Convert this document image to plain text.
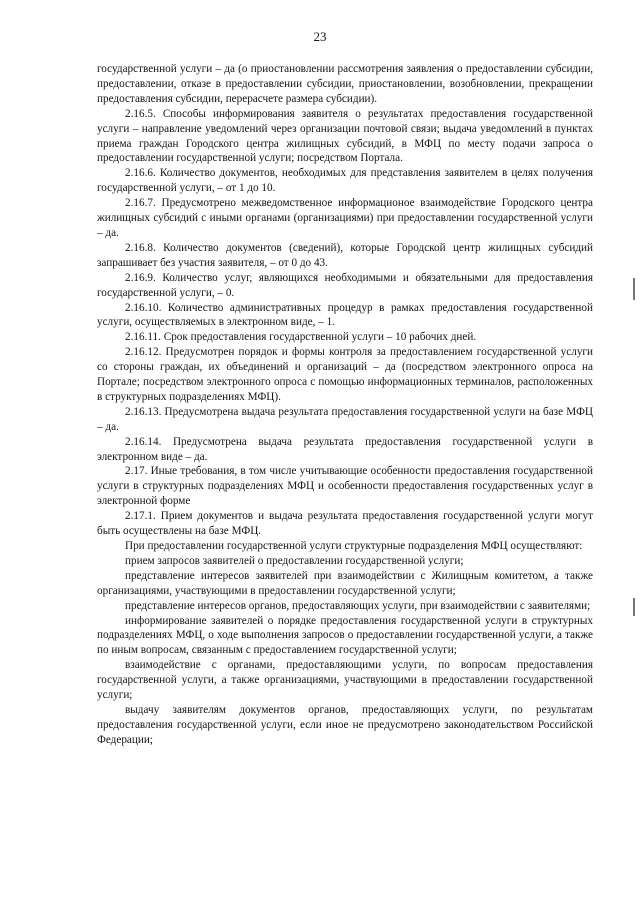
23

государственной услуги – да (о приостановлении рассмотрения заявления о предоставлении субсидии, предоставлении, отказе в предоставлении субсидии, приостановлении, возобновлении, прекращении предоставления субсидии, перерасчете размера субсидии).

2.16.5. Способы информирования заявителя о результатах предоставления государственной услуги – направление уведомлений через организации почтовой связи; выдача уведомлений в пунктах приема граждан Городского центра жилищных субсидий, в МФЦ по месту подачи запроса о предоставлении государственной услуги; посредством Портала.

2.16.6. Количество документов, необходимых для представления заявителем в целях получения государственной услуги, – от 1 до 10.

2.16.7. Предусмотрено межведомственное информационое взаимодействие Городского центра жилищных субсидий с иными органами (организациями) при предоставлении государственной услуги – да.

2.16.8. Количество документов (сведений), которые Городской центр жилищных субсидий запрашивает без участия заявителя, – от 0 до 43.

2.16.9. Количество услуг, являющихся необходимыми и обязательными для предоставления государственной услуги, – 0.

2.16.10. Количество административных процедур в рамках предоставления государственной услуги, осуществляемых в электронном виде, – 1.

2.16.11. Срок предоставления государственной услуги – 10 рабочих дней.

2.16.12. Предусмотрен порядок и формы контроля за предоставлением государственной услуги со стороны граждан, их объединений и организаций – да (посредством электронного опроса на Портале; посредством электронного опроса с помощью информационных терминалов, расположенных в структурных подразделениях МФЦ).

2.16.13. Предусмотрена выдача результата предоставления государственной услуги на базе МФЦ – да.

2.16.14. Предусмотрена выдача результата предоставления государственной услуги в электронном виде – да.

2.17. Иные требования, в том числе учитывающие особенности предоставления государственной услуги в структурных подразделениях МФЦ и особенности предоставления государственных услуг в электронной форме

2.17.1. Прием документов и выдача результата предоставления государственной услуги могут быть осуществлены на базе МФЦ.

При предоставлении государственной услуги структурные подразделения МФЦ осуществляют:

прием запросов заявителей о предоставлении государственной услуги;

представление интересов заявителей при взаимодействии с Жилищным комитетом, а также организациями, участвующими в предоставлении государственной услуги;

представление интересов органов, предоставляющих услуги, при взаимодействии с заявителями;

информирование заявителей о порядке предоставления государственной услуги в структурных подразделениях МФЦ, о ходе выполнения запросов о предоставлении государственной услуги, а также по иным вопросам, связанным с предоставлением государственной услуги;

взаимодействие с органами, предоставляющими услуги, по вопросам предоставления государственной услуги, а также организациями, участвующими в предоставлении государственной услуги;

выдачу заявителям документов органов, предоставляющих услуги, по результатам предоставления государственной услуги, если иное не предусмотрено законодательством Российской Федерации;
